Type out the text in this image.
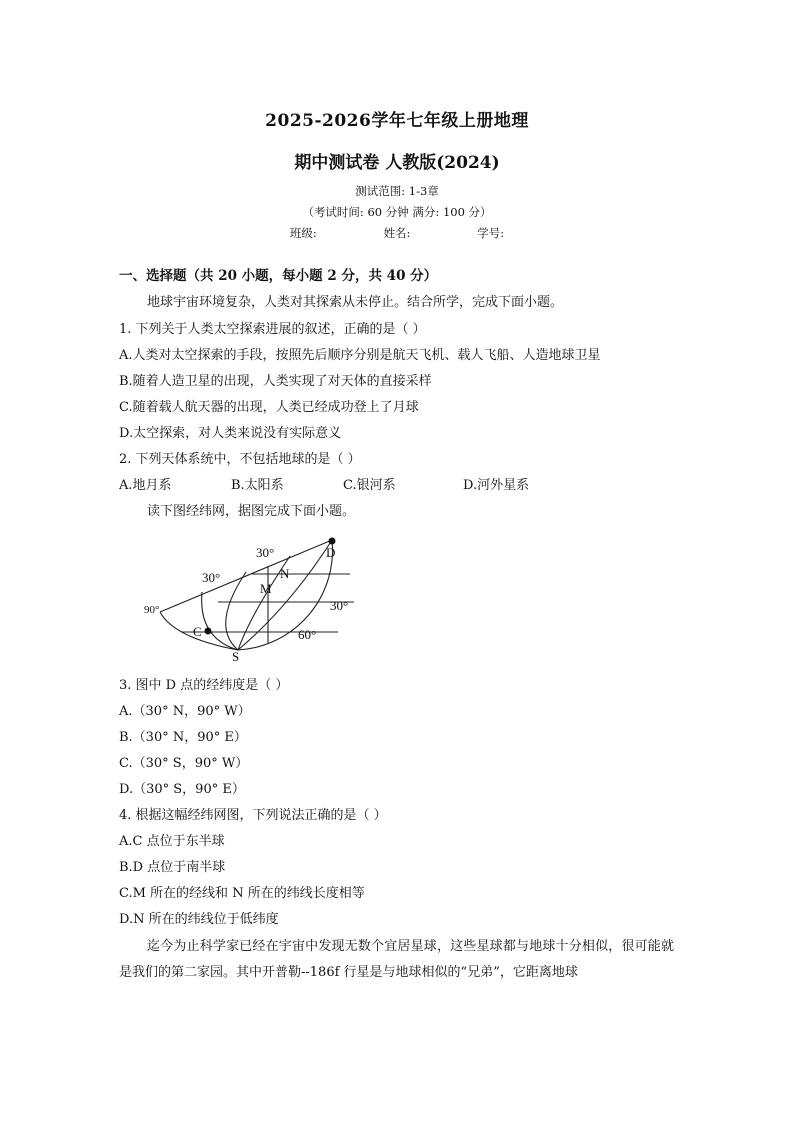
2025-2026学年七年级上册地理
期中测试卷 人教版(2024)
测试范围: 1-3章
（考试时间: 60 分钟 满分: 100 分）
班级:	姓名:	学号:
一、选择题（共 20 小题，每小题 2 分，共 40 分）
地球宇宙环境复杂，人类对其探索从未停止。结合所学，完成下面小题。
1. 下列关于人类太空探索进展的叙述，正确的是（ ）
A.人类对太空探索的手段，按照先后顺序分别是航天飞机、载人飞船、人造地球卫星
B.随着人造卫星的出现，人类实现了对天体的直接采样
C.随着载人航天器的出现，人类已经成功登上了月球
D.太空探索，对人类来说没有实际意义
2. 下列天体系统中，不包括地球的是（ ）
A.地月系	B.太阳系	C.银河系	D.河外星系
读下图经纬网，据图完成下面小题。
D
N
M
C
S
30°
30°
30°
60°
90°
3. 图中 D 点的经纬度是（ ）
A.（30° N，90° W）
B.（30° N，90° E）
C.（30° S，90° W）
D.（30° S，90° E）
4. 根据这幅经纬网图，下列说法正确的是（ ）
A.C 点位于东半球
B.D 点位于南半球
C.M 所在的经线和 N 所在的纬线长度相等
D.N 所在的纬线位于低纬度
迄今为止科学家已经在宇宙中发现无数个宜居星球，这些星球都与地球十分相似，很可能就是我们的第二家园。其中开普勒--186f 行星是与地球相似的“兄弟”，它距离地球
